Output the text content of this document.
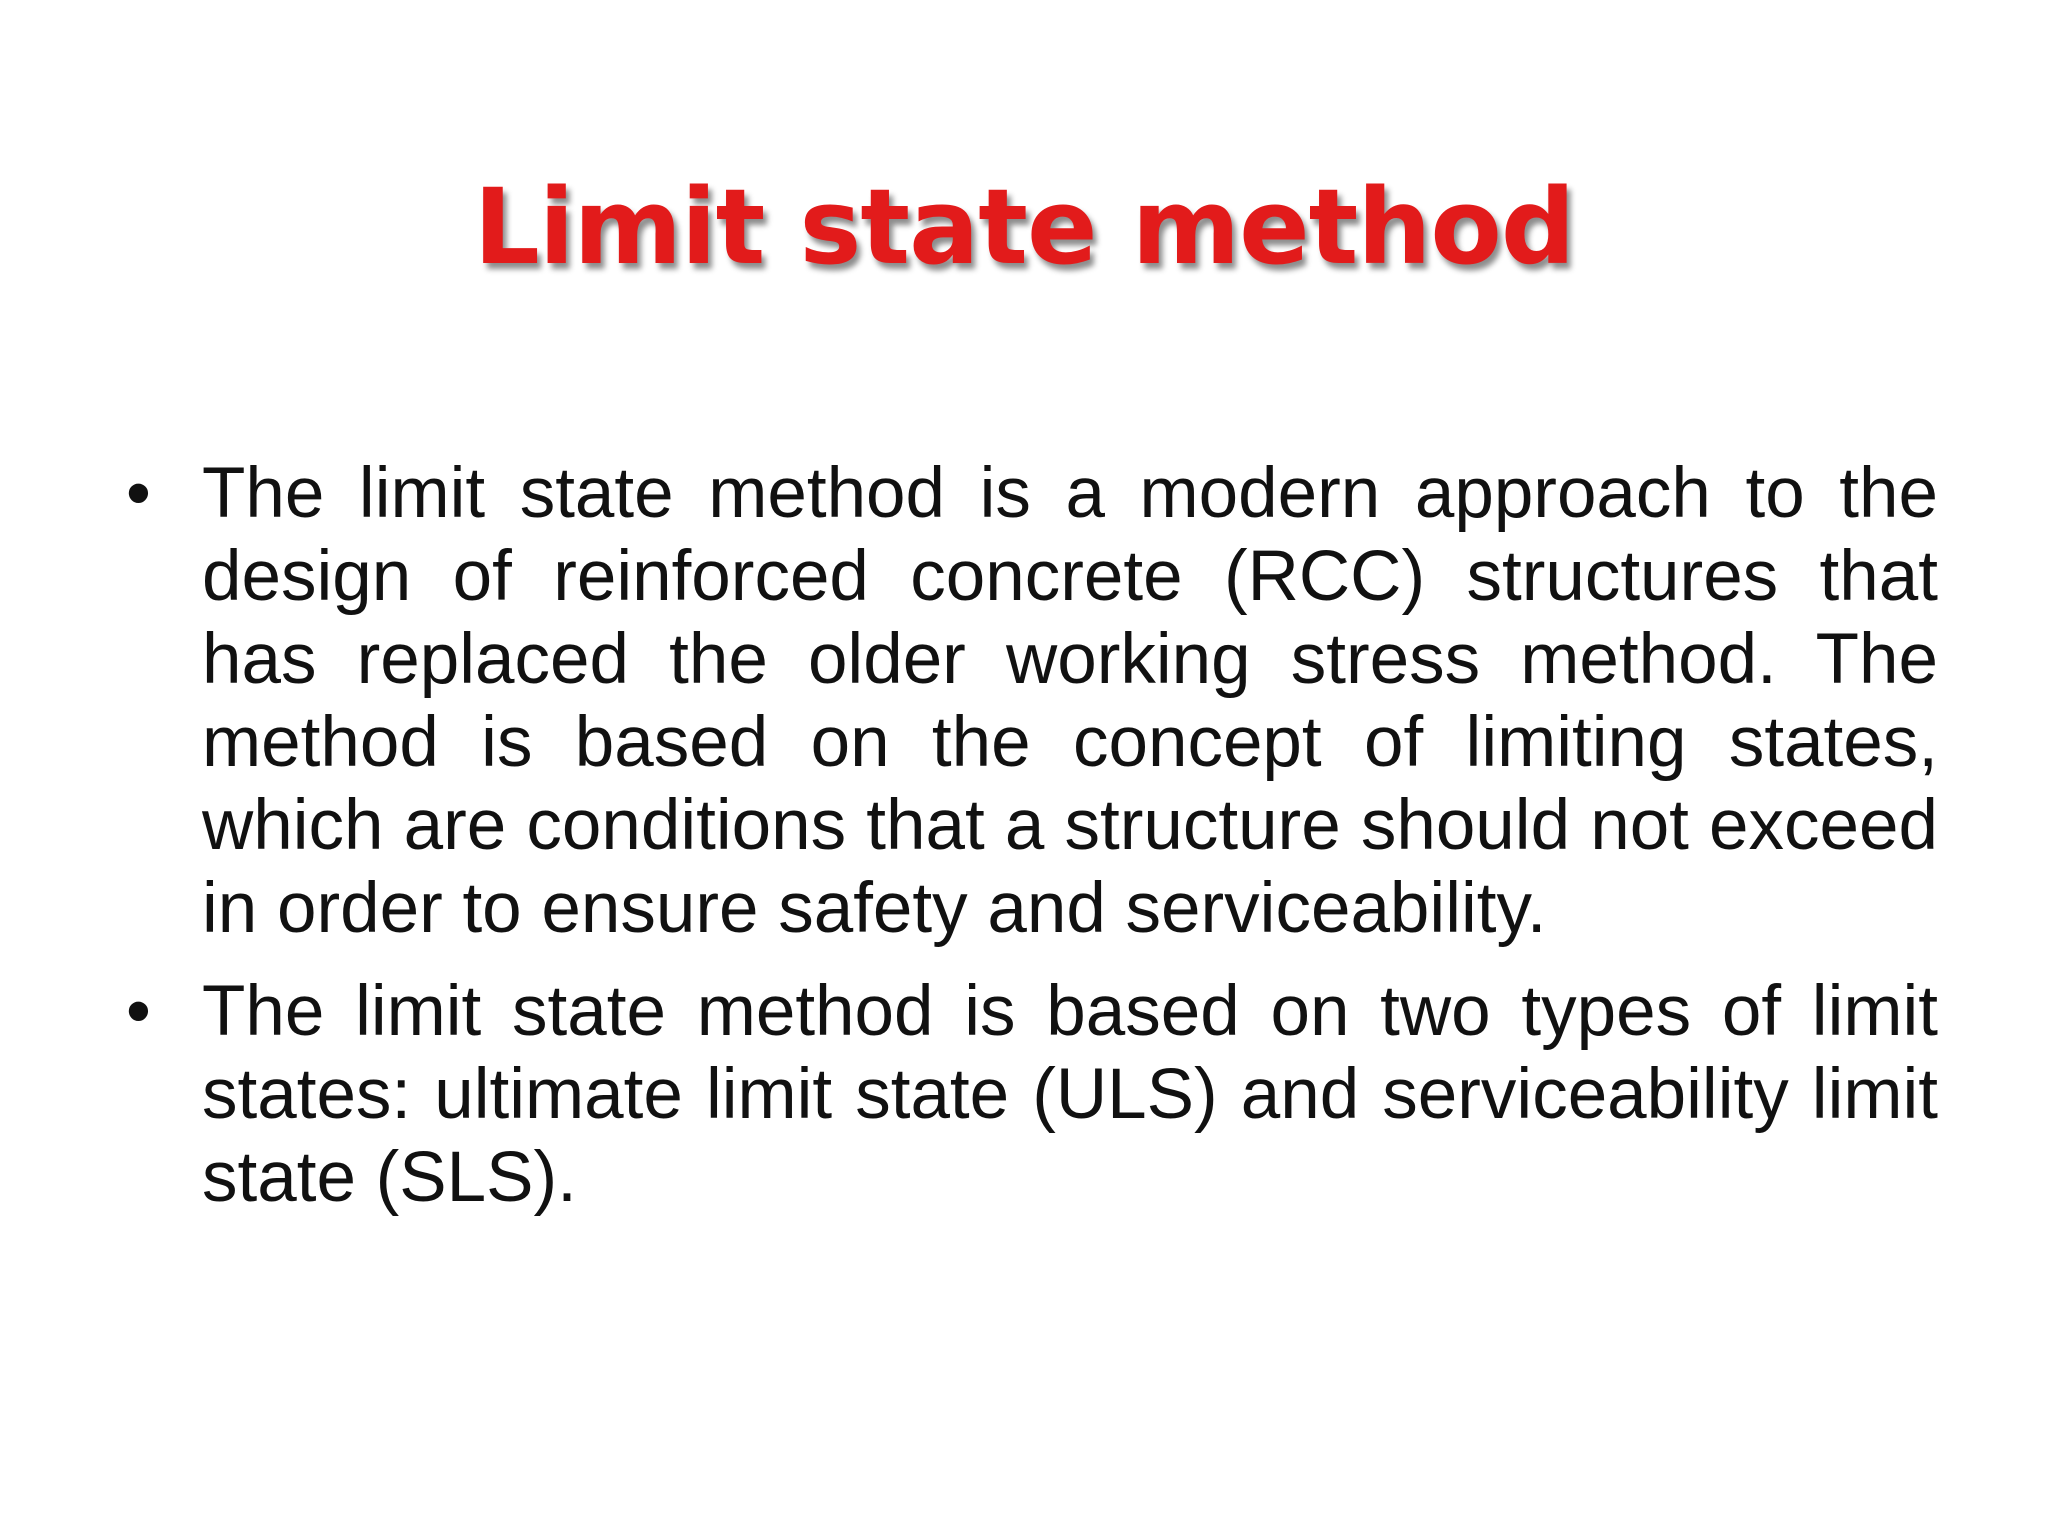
Limit state method
• The limit state method is a modern approach to the design of reinforced concrete (RCC) structures that has replaced the older working stress method. The method is based on the concept of limiting states, which are conditions that a structure should not exceed in order to ensure safety and serviceability.
• The limit state method is based on two types of limit states: ultimate limit state (ULS) and serviceability limit state (SLS).
